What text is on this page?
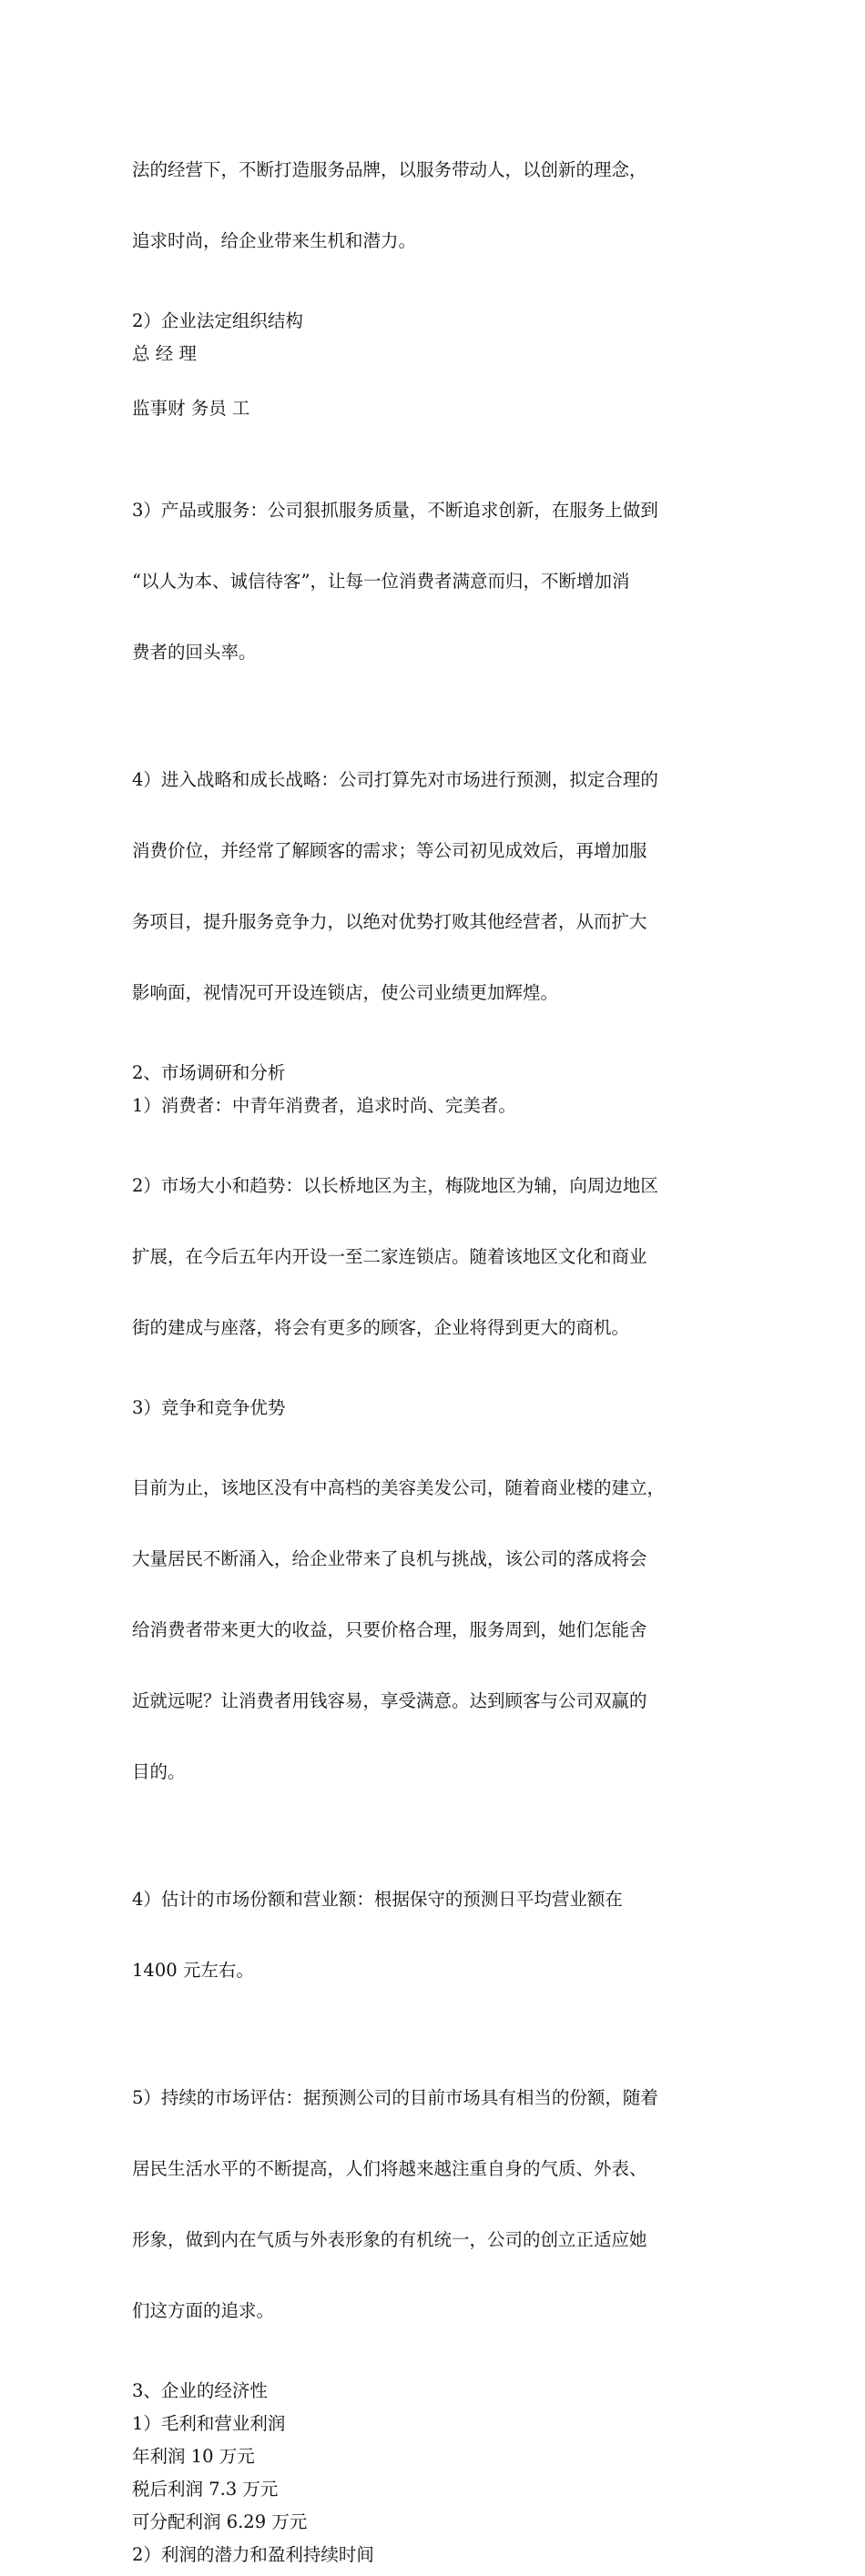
法的经营下，不断打造服务品牌，以服务带动人，以创新的理念，

追求时尚，给企业带来生机和潜力。

2）企业法定组织结构
总 经 理
监事财 务员 工

3）产品或服务：公司狠抓服务质量，不断追求创新，在服务上做到

“以人为本、诚信待客”，让每一位消费者满意而归，不断增加消

费者的回头率。

4）进入战略和成长战略：公司打算先对市场进行预测，拟定合理的

消费价位，并经常了解顾客的需求；等公司初见成效后，再增加服

务项目，提升服务竞争力，以绝对优势打败其他经营者，从而扩大

影响面，视情况可开设连锁店，使公司业绩更加辉煌。

2、市场调研和分析
1）消费者：中青年消费者，追求时尚、完美者。

2）市场大小和趋势：以长桥地区为主，梅陇地区为辅，向周边地区

扩展，在今后五年内开设一至二家连锁店。随着该地区文化和商业

街的建成与座落，将会有更多的顾客，企业将得到更大的商机。

3）竞争和竞争优势

目前为止，该地区没有中高档的美容美发公司，随着商业楼的建立，

大量居民不断涌入，给企业带来了良机与挑战，该公司的落成将会

给消费者带来更大的收益，只要价格合理，服务周到，她们怎能舍

近就远呢？让消费者用钱容易，享受满意。达到顾客与公司双赢的

目的。

4）估计的市场份额和营业额：根据保守的预测日平均营业额在

1400 元左右。

5）持续的市场评估：据预测公司的目前市场具有相当的份额，随着

居民生活水平的不断提高，人们将越来越注重自身的气质、外表、

形象，做到内在气质与外表形象的有机统一，公司的创立正适应她

们这方面的追求。

3、企业的经济性
1）毛利和营业利润
年利润 10 万元
税后利润 7.3 万元
可分配利润 6.29 万元
2）利润的潜力和盈利持续时间
